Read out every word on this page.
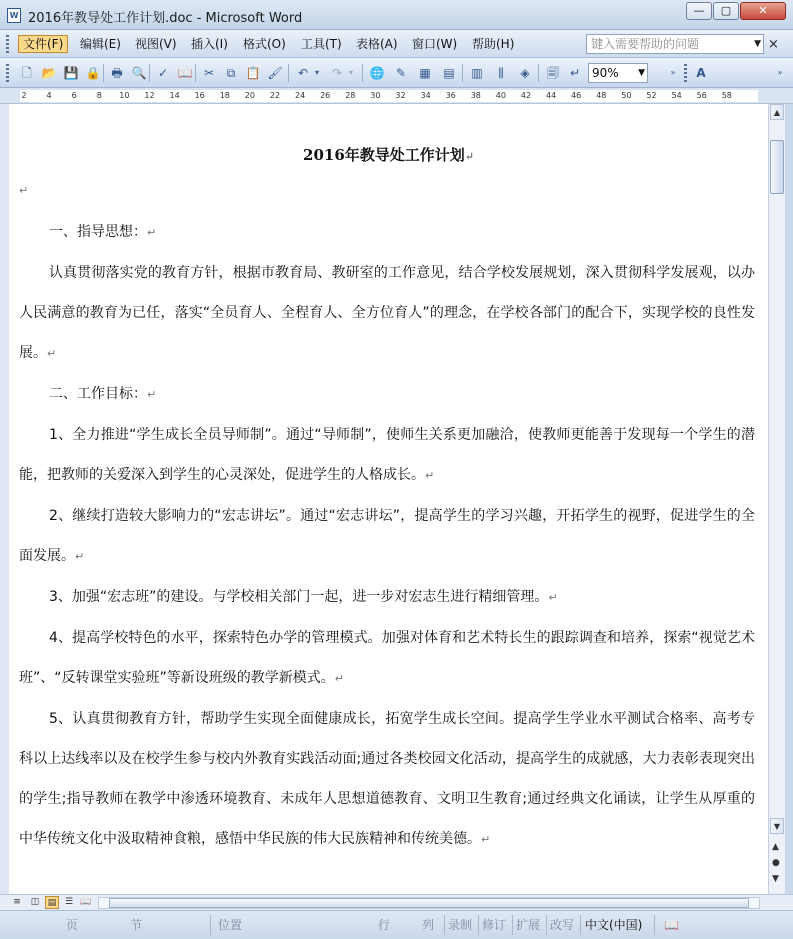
W 2016年教导处工作计划.doc - Microsoft Word
—	▢	✕
文件(F)	编辑(E)	视图(V)	插入(I)	格式(O)	工具(T)	表格(A)	窗口(W)	帮助(H)	键入需要帮助的问题	▼ ×
🗋 📂 💾 🔒 🖶 🔍 ✓ 📖 ✂	⧉ 📋 🖌	↶ ▾	↷ ▾ 🌐 ✎	▦ ▤ ▥	⫼	◈	🗐 ↵ 90% ▼	»	A	»
2	4	6	8 10 12 14 16 18 20 22 24 26 28 30 32 34 36 38 40 42 44 46 48 50 52 54 56 58
2016年教导处工作计划↵
↵

一、指导思想：↵

认真贯彻落实党的教育方针，根据市教育局、教研室的工作意见，结合学校发展规划，深入贯彻科学发展观，以办人民满意的教育为已任，落实“全员育人、全程育人、全方位育人”的理念，在学校各部门的配合下，实现学校的良性发展。↵

二、工作目标：↵

1、全力推进“学生成长全员导师制”。通过“导师制”，使师生关系更加融洽，使教师更能善于发现每一个学生的潜能，把教师的关爱深入到学生的心灵深处，促进学生的人格成长。↵

2、继续打造较大影响力的“宏志讲坛”。通过“宏志讲坛”，提高学生的学习兴趣，开拓学生的视野，促进学生的全面发展。↵

3、加强“宏志班”的建设。与学校相关部门一起，进一步对宏志生进行精细管理。↵

4、提高学校特色的水平，探索特色办学的管理模式。加强对体育和艺术特长生的跟踪调查和培养，探索“视觉艺术班”、“反转课堂实验班”等新设班级的教学新模式。↵

5、认真贯彻教育方针，帮助学生实现全面健康成长，拓宽学生成长空间。提高学生学业水平测试合格率、高考专科以上达线率以及在校学生参与校内外教育实践活动面;通过各类校园文化活动，提高学生的成就感，大力表彰表现突出的学生;指导教师在教学中渗透环境教育、未成年人思想道德教育、文明卫生教育;通过经典文化诵读，让学生从厚重的中华传统文化中汲取精神食粮，感悟中华民族的伟大民族精神和传统美德。↵

▲
▼
▲
●
▼
≡	◫ ▤ ☰ 📖
页	节	位置	行	列 录制 修订 扩展 改写 中文(中国) 📖
